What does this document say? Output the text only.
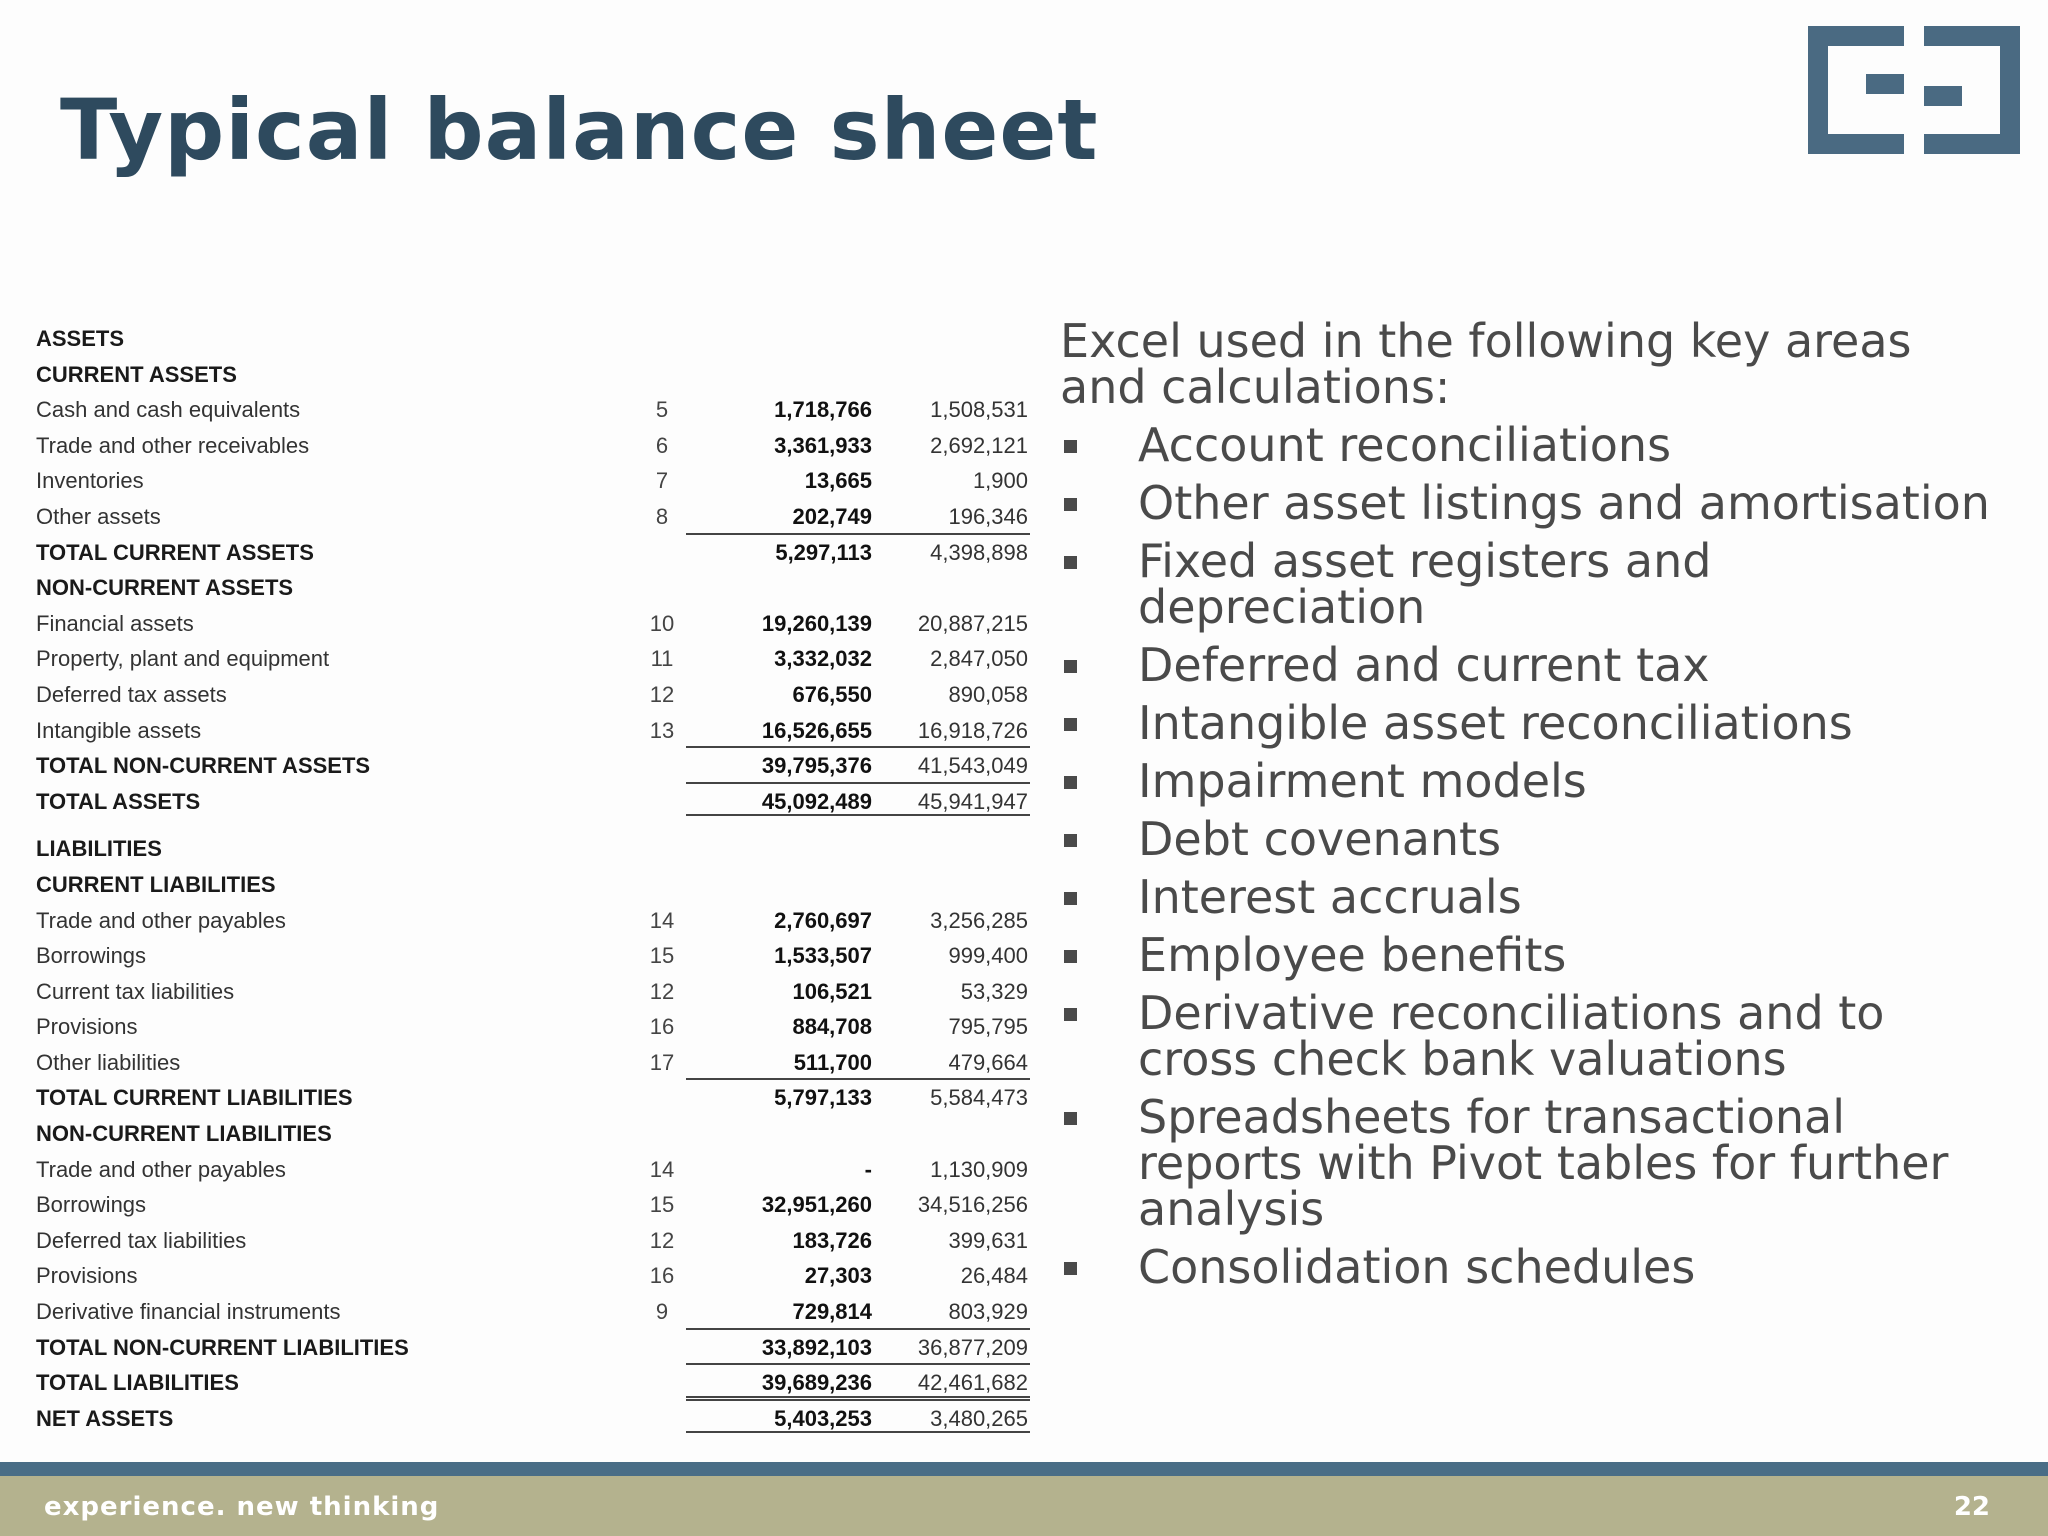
Typical balance sheet
ASSETS
CURRENT ASSETS
Cash and cash equivalents	5	1,718,766	1,508,531
Trade and other receivables	6	3,361,933	2,692,121
Inventories	7	13,665	1,900
Other assets	8	202,749	196,346
TOTAL CURRENT ASSETS	5,297,113	4,398,898
NON-CURRENT ASSETS
Financial assets	10	19,260,139	20,887,215
Property, plant and equipment	11	3,332,032	2,847,050
Deferred tax assets	12	676,550	890,058
Intangible assets	13	16,526,655	16,918,726
TOTAL NON-CURRENT ASSETS	39,795,376	41,543,049
TOTAL ASSETS	45,092,489	45,941,947
LIABILITIES
CURRENT LIABILITIES
Trade and other payables	14	2,760,697	3,256,285
Borrowings	15	1,533,507	999,400
Current tax liabilities	12	106,521	53,329
Provisions	16	884,708	795,795
Other liabilities	17	511,700	479,664
TOTAL CURRENT LIABILITIES	5,797,133	5,584,473
NON-CURRENT LIABILITIES
Trade and other payables	14	-	1,130,909
Borrowings	15	32,951,260	34,516,256
Deferred tax liabilities	12	183,726	399,631
Provisions	16	27,303	26,484
Derivative financial instruments	9	729,814	803,929
TOTAL NON-CURRENT LIABILITIES	33,892,103	36,877,209
TOTAL LIABILITIES	39,689,236	42,461,682
NET ASSETS	5,403,253	3,480,265

Excel used in the following key areas and calculations:

Account reconciliations
Other asset listings and amortisation
Fixed asset registers and depreciation
Deferred and current tax
Intangible asset reconciliations
Impairment models
Debt covenants
Interest accruals
Employee benefits
Derivative reconciliations and to cross check bank valuations
Spreadsheets for transactional reports with Pivot tables for further analysis
Consolidation schedules
experience. new thinking	22
